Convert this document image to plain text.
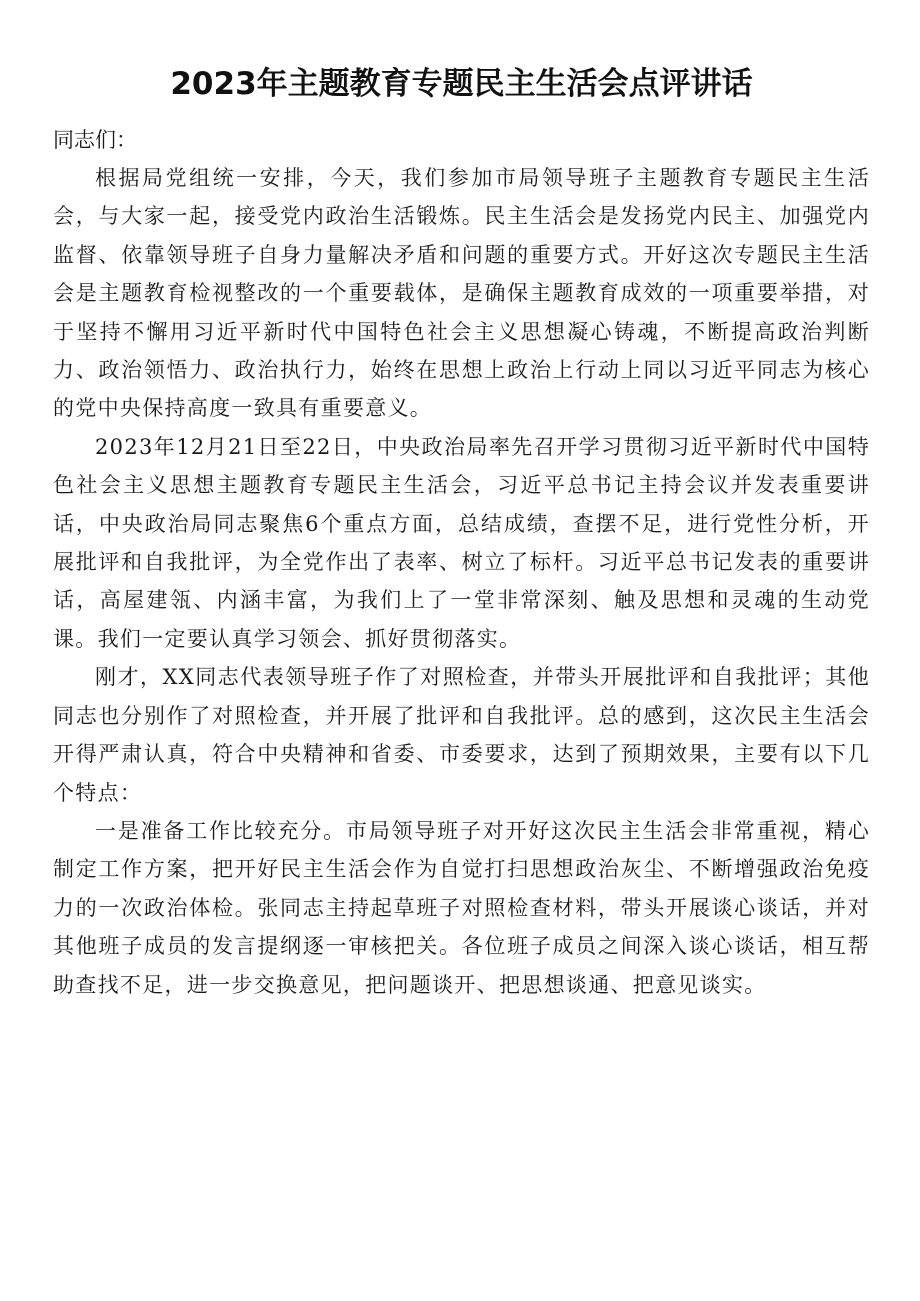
2023年主题教育专题民主生活会点评讲话

同志们：

根据局党组统一安排，今天，我们参加市局领导班子主题教育专题民主生活会，与大家一起，接受党内政治生活锻炼。民主生活会是发扬党内民主、加强党内监督、依靠领导班子自身力量解决矛盾和问题的重要方式。开好这次专题民主生活会是主题教育检视整改的一个重要载体，是确保主题教育成效的一项重要举措，对于坚持不懈用习近平新时代中国特色社会主义思想凝心铸魂，不断提高政治判断力、政治领悟力、政治执行力，始终在思想上政治上行动上同以习近平同志为核心的党中央保持高度一致具有重要意义。

2023年12月21日至22日，中央政治局率先召开学习贯彻习近平新时代中国特色社会主义思想主题教育专题民主生活会，习近平总书记主持会议并发表重要讲话，中央政治局同志聚焦6个重点方面，总结成绩，查摆不足，进行党性分析，开展批评和自我批评，为全党作出了表率、树立了标杆。习近平总书记发表的重要讲话，高屋建瓴、内涵丰富，为我们上了一堂非常深刻、触及思想和灵魂的生动党课。我们一定要认真学习领会、抓好贯彻落实。

刚才，XX同志代表领导班子作了对照检查，并带头开展批评和自我批评；其他同志也分别作了对照检查，并开展了批评和自我批评。总的感到，这次民主生活会开得严肃认真，符合中央精神和省委、市委要求，达到了预期效果，主要有以下几个特点：

一是准备工作比较充分。市局领导班子对开好这次民主生活会非常重视，精心制定工作方案，把开好民主生活会作为自觉打扫思想政治灰尘、不断增强政治免疫力的一次政治体检。张同志主持起草班子对照检查材料，带头开展谈心谈话，并对其他班子成员的发言提纲逐一审核把关。各位班子成员之间深入谈心谈话，相互帮助查找不足，进一步交换意见，把问题谈开、把思想谈通、把意见谈实。
